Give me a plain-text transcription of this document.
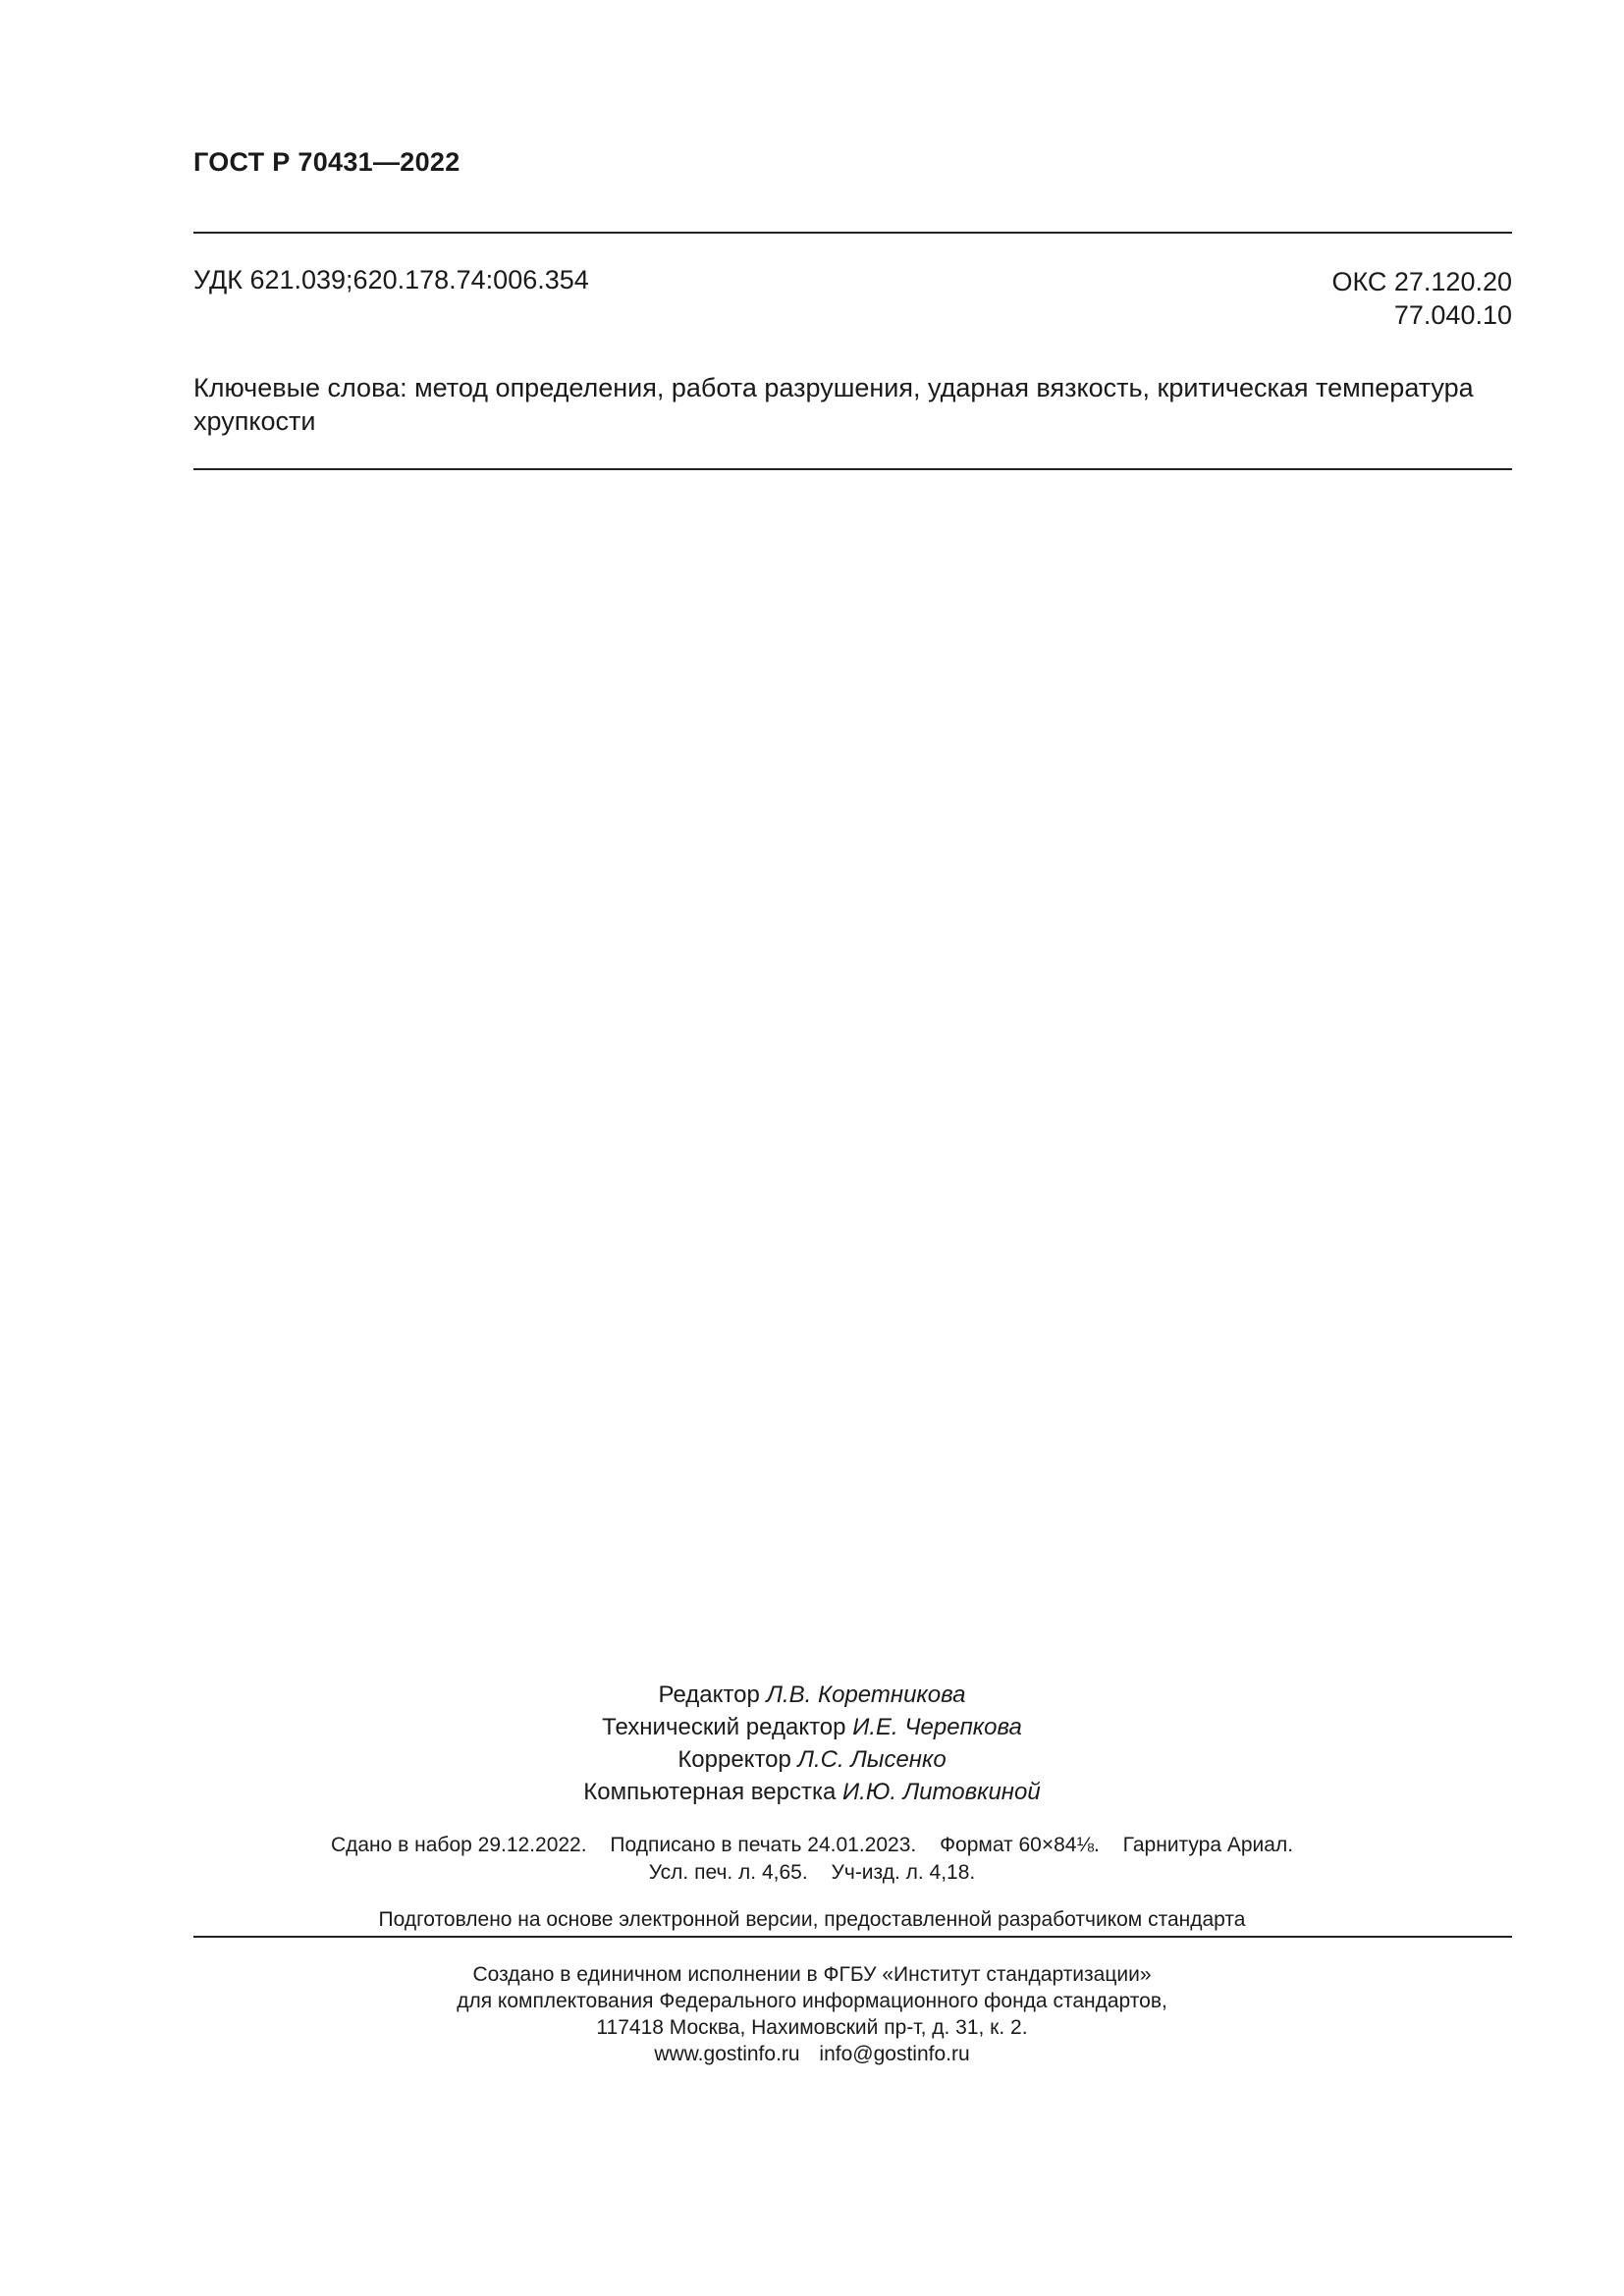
ГОСТ Р 70431—2022
УДК 621.039;620.178.74:006.354	ОКС 27.120.20
77.040.10
Ключевые слова: метод определения, работа разрушения, ударная вязкость, критическая температура хрупкости
Редактор Л.В. Коретникова
Технический редактор И.Е. Черепкова
Корректор Л.С. Лысенко
Компьютерная верстка И.Ю. Литовкиной
Сдано в набор 29.12.2022. Подписано в печать 24.01.2023. Формат 60×84⅛. Гарнитура Ариал.
Усл. печ. л. 4,65. Уч-изд. л. 4,18.
Подготовлено на основе электронной версии, предоставленной разработчиком стандарта
Создано в единичном исполнении в ФГБУ «Институт стандартизации»
для комплектования Федерального информационного фонда стандартов,
117418 Москва, Нахимовский пр-т, д. 31, к. 2.
www.gostinfo.ru info@gostinfo.ru
